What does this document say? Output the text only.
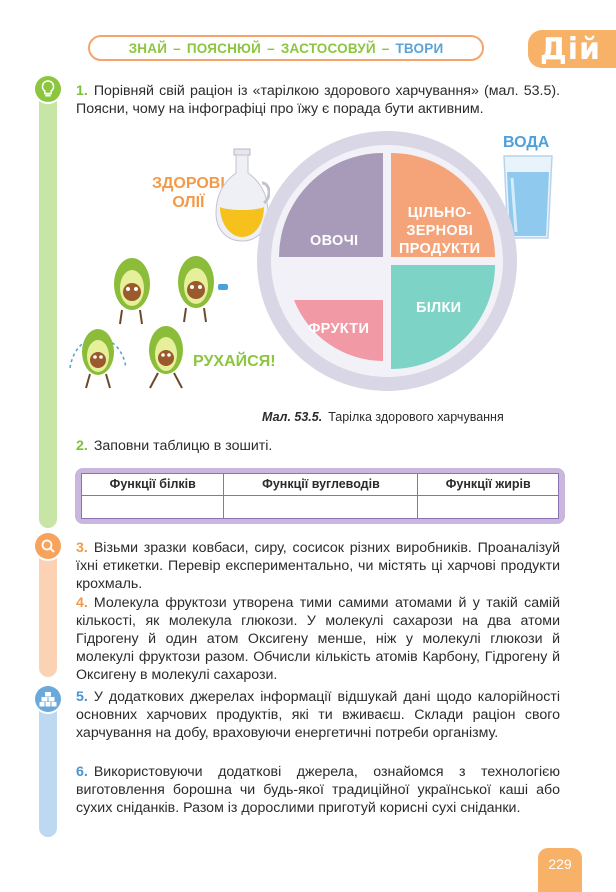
ЗНАЙ – ПОЯСНЮЙ – ЗАСТОСОВУЙ – ТВОРИ	Дій
1. Порівняй свій раціон із «тарілкою здорового харчування» (мал. 53.5). Поясни, чому на інфографіці про їжу є порада бути активним.
ЗДОРОВІ
ОЛІЇ
ВОДА
РУХАЙСЯ!
ОВОЧІ
ЦІЛЬНО-
ЗЕРНОВІ
ПРОДУКТИ
ФРУКТИ
БІЛКИ
Мал. 53.5. Тарілка здорового харчування
2. Заповни таблицю в зошиті.
Функції білків	Функції вуглеводів	Функції жирів

3. Візьми зразки ковбаси, сиру, сосисок різних виробників. Проаналізуй їхні етикетки. Перевір експериментально, чи містять ці харчові продукти крохмаль.
4. Молекула фруктози утворена тими самими атомами й у такій самій кількості, як молекула глюкози. У молекулі сахарози на два атоми Гідрогену й один атом Оксигену менше, ніж у молекулі глюкози й молекулі фруктози разом. Обчисли кількість атомів Карбону, Гідрогену й Оксигену в молекулі сахарози.
5. У додаткових джерелах інформації відшукай дані щодо калорійності основних харчових продуктів, які ти вживаєш. Склади раціон свого харчування на добу, враховуючи енергетичні потреби організму.
6. Використовуючи додаткові джерела, ознайомся з технологією виготовлення борошна чи будь-якої традиційної української каші або сухих сніданків. Разом із дорослими приготуй корисні сухі сніданки.
229
